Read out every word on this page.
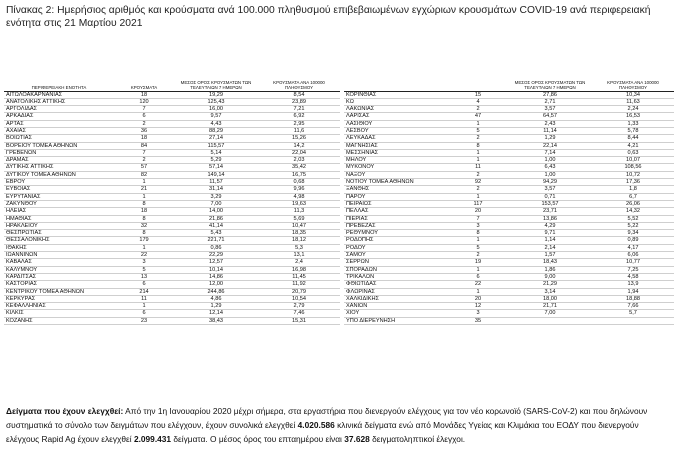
Πίνακας 2: Ημερήσιος αριθμός και κρούσματα ανά 100.000 πληθυσμού επιβεβαιωμένων εγχώριων κρουσμάτων COVID-19 ανά περιφερειακή ενότητα στις 21 Μαρτίου 2021
ΠΕΡΙΦΕΡΕΙΑΚΗ ΕΝΟΤΗΤΑ	ΚΡΟΥΣΜΑΤΑ	ΜΕΣΟΣ ΟΡΟΣ ΚΡΟΥΣΜΑΤΩΝ ΤΩΝ ΤΕΛΕΥΤΑΙΩΝ 7 ΗΜΕΡΩΝ	ΚΡΟΥΣΜΑΤΑ ΑΝΑ 100000 ΠΛΗΘΥΣΜΟΥ
ΑΙΤΩΛΟΑΚΑΡΝΑΝΙΑΣ	18	19,29	8,54
ΑΝΑΤΟΛΙΚΗΣ ΑΤΤΙΚΗΣ	120	125,43	23,89
ΑΡΓΟΛΙΔΑΣ	7	16,00	7,21
ΑΡΚΑΔΙΑΣ	6	9,57	6,92
ΑΡΤΑΣ	2	4,43	2,95
ΑΧΑΪΑΣ	36	88,29	11,6
ΒΟΙΩΤΙΑΣ	18	27,14	15,26
ΒΟΡΕΙΟΥ ΤΟΜΕΑ ΑΘΗΝΩΝ	84	115,57	14,2
ΓΡΕΒΕΝΩΝ	7	5,14	22,04
ΔΡΑΜΑΣ	2	5,29	2,03
ΔΥΤΙΚΗΣ ΑΤΤΙΚΗΣ	57	57,14	35,42
ΔΥΤΙΚΟΥ ΤΟΜΕΑ ΑΘΗΝΩΝ	82	149,14	16,75
ΕΒΡΟΥ	1	11,57	0,68
ΕΥΒΟΙΑΣ	21	31,14	9,96
ΕΥΡΥΤΑΝΙΑΣ	1	3,29	4,98
ΖΑΚΥΝΘΟΥ	8	7,00	19,63
ΗΛΕΙΑΣ	18	14,00	11,3
ΗΜΑΘΙΑΣ	8	21,86	5,69
ΗΡΑΚΛΕΙΟΥ	32	41,14	10,47
ΘΕΣΠΡΩΤΙΑΣ	8	5,43	18,35
ΘΕΣΣΑΛΟΝΙΚΗΣ	179	221,71	18,12
ΙΘΑΚΗΣ	1	0,86	5,3
ΙΩΑΝΝΙΝΩΝ	22	22,29	13,1
ΚΑΒΑΛΑΣ	3	12,57	2,4
ΚΑΛΥΜΝΟΥ	5	10,14	16,98
ΚΑΡΔΙΤΣΑΣ	13	14,86	11,45
ΚΑΣΤΟΡΙΑΣ	6	12,00	11,92
ΚΕΝΤΡΙΚΟΥ ΤΟΜΕΑ ΑΘΗΝΩΝ	214	244,86	20,79
ΚΕΡΚΥΡΑΣ	11	4,86	10,54
ΚΕΦΑΛΛΗΝΙΑΣ	1	1,29	2,79
ΚΙΛΚΙΣ	6	12,14	7,46
ΚΟΖΑΝΗΣ	23	38,43	15,31
		ΜΕΣΟΣ ΟΡΟΣ ΚΡΟΥΣΜΑΤΩΝ ΤΩΝ ΤΕΛΕΥΤΑΙΩΝ 7 ΗΜΕΡΩΝ	ΚΡΟΥΣΜΑΤΑ ΑΝΑ 100000 ΠΛΗΘΥΣΜΟΥ
ΚΟΡΙΝΘΙΑΣ	15	27,86	10,34
ΚΩ	4	2,71	11,63
ΛΑΚΩΝΙΑΣ	2	3,57	2,24
ΛΑΡΙΣΑΣ	47	64,57	16,53
ΛΑΣΙΘΙΟΥ	1	2,43	1,33
ΛΕΣΒΟΥ	5	11,14	5,78
ΛΕΥΚΑΔΑΣ	2	1,29	8,44
ΜΑΓΝΗΣΙΑΣ	8	22,14	4,21
ΜΕΣΣΗΝΙΑΣ	1	7,14	0,63
ΜΗΛΟΥ	1	1,00	10,07
ΜΥΚΟΝΟΥ	11	6,43	108,56
ΝΑΞΟΥ	2	1,00	10,72
ΝΟΤΙΟΥ ΤΟΜΕΑ ΑΘΗΝΩΝ	92	94,29	17,36
ΞΑΝΘΗΣ	2	3,57	1,8
ΠΑΡΟΥ	1	0,71	6,7
ΠΕΙΡΑΙΩΣ	117	153,57	26,06
ΠΕΛΛΑΣ	20	23,71	14,32
ΠΙΕΡΙΑΣ	7	13,86	5,52
ΠΡΕΒΕΖΑΣ	3	4,29	5,22
ΡΕΘΥΜΝΟΥ	8	9,71	9,34
ΡΟΔΟΠΗΣ	1	1,14	0,89
ΡΟΔΟΥ	5	2,14	4,17
ΣΑΜΟΥ	2	1,57	6,06
ΣΕΡΡΩΝ	19	18,43	10,77
ΣΠΟΡΑΔΩΝ	1	1,86	7,25
ΤΡΙΚΑΛΩΝ	6	9,00	4,58
ΦΘΙΩΤΙΔΑΣ	22	21,29	13,9
ΦΛΩΡΙΝΑΣ	1	3,14	1,94
ΧΑΛΚΙΔΙΚΗΣ	20	18,00	18,88
ΧΑΝΙΩΝ	12	21,71	7,66
ΧΙΟΥ	3	7,00	5,7
ΥΠΟ ΔΙΕΡΕΥΝΗΣΗ	35		
Δείγματα που έχουν ελεγχθεί: Από την 1η Ιανουαρίου 2020 μέχρι σήμερα, στα εργαστήρια που διενεργούν ελέγχους για τον νέο κορωνοϊό (SARS-CoV-2) και που δηλώνουν συστηματικά το σύνολο των δειγμάτων που ελέγχουν, έχουν συνολικά ελεγχθεί 4.020.586 κλινικά δείγματα ενώ από Μονάδες Υγείας και Κλιμάκια του ΕΟΔΥ που διενεργούν ελέγχους Rapid Ag έχουν ελεγχθεί 2.099.431 δείγματα. Ο μέσος όρος του επταημέρου είναι 37.628 δειγματοληπτικοί έλεγχοι.
